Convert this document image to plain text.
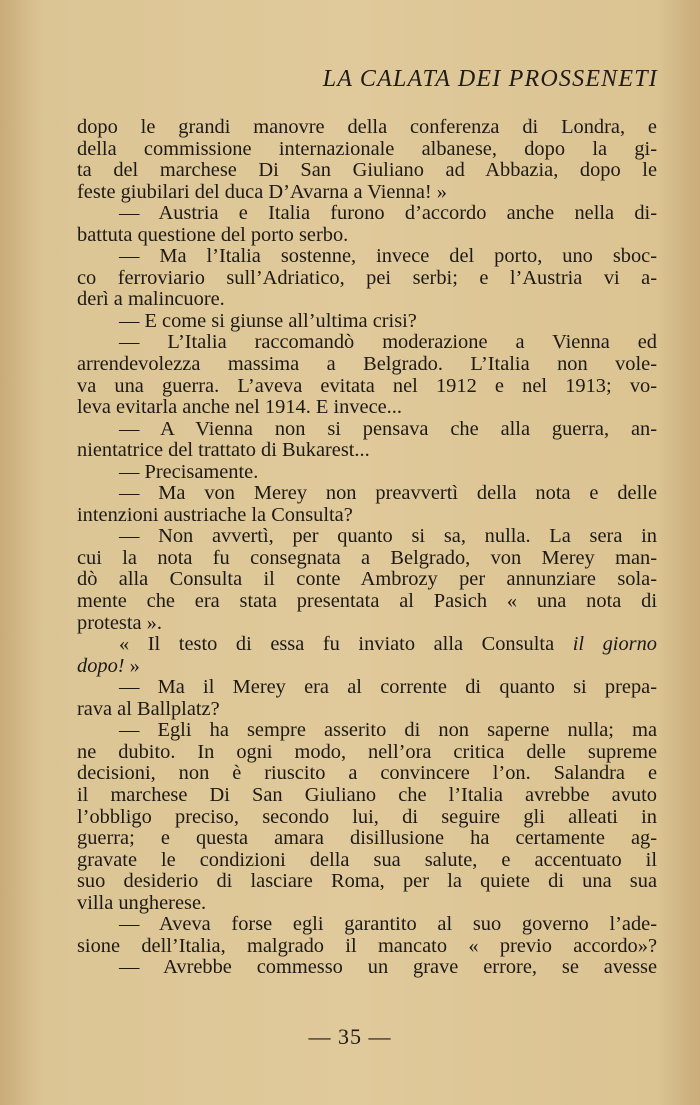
LA CALATA DEI PROSSENETI
dopo le grandi manovre della conferenza di Londra, e
della commissione internazionale albanese, dopo la gi-
ta del marchese Di San Giuliano ad Abbazia, dopo le
feste giubilari del duca D’Avarna a Vienna! »
— Austria e Italia furono d’accordo anche nella di-
battuta questione del porto serbo.
— Ma l’Italia sostenne, invece del porto, uno sboc-
co ferroviario sull’Adriatico, pei serbi; e l’Austria vi a-
derì a malincuore.
— E come si giunse all’ultima crisi?
— L’Italia raccomandò moderazione a Vienna ed
arrendevolezza massima a Belgrado. L’Italia non vole-
va una guerra. L’aveva evitata nel 1912 e nel 1913; vo-
leva evitarla anche nel 1914. E invece...
— A Vienna non si pensava che alla guerra, an-
nientatrice del trattato di Bukarest...
— Precisamente.
— Ma von Merey non preavvertì della nota e delle
intenzioni austriache la Consulta?
— Non avvertì, per quanto si sa, nulla. La sera in
cui la nota fu consegnata a Belgrado, von Merey man-
dò alla Consulta il conte Ambrozy per annunziare sola-
mente che era stata presentata al Pasich « una nota di
protesta ».
« Il testo di essa fu inviato alla Consulta il giorno
dopo! »
— Ma il Merey era al corrente di quanto si prepa-
rava al Ballplatz?
— Egli ha sempre asserito di non saperne nulla; ma
ne dubito. In ogni modo, nell’ora critica delle supreme
decisioni, non è riuscito a convincere l’on. Salandra e
il marchese Di San Giuliano che l’Italia avrebbe avuto
l’obbligo preciso, secondo lui, di seguire gli alleati in
guerra; e questa amara disillusione ha certamente ag-
gravate le condizioni della sua salute, e accentuato il
suo desiderio di lasciare Roma, per la quiete di una sua
villa ungherese.
— Aveva forse egli garantito al suo governo l’ade-
sione dell’Italia, malgrado il mancato « previo accordo»?
— Avrebbe commesso un grave errore, se avesse
— 35 —
